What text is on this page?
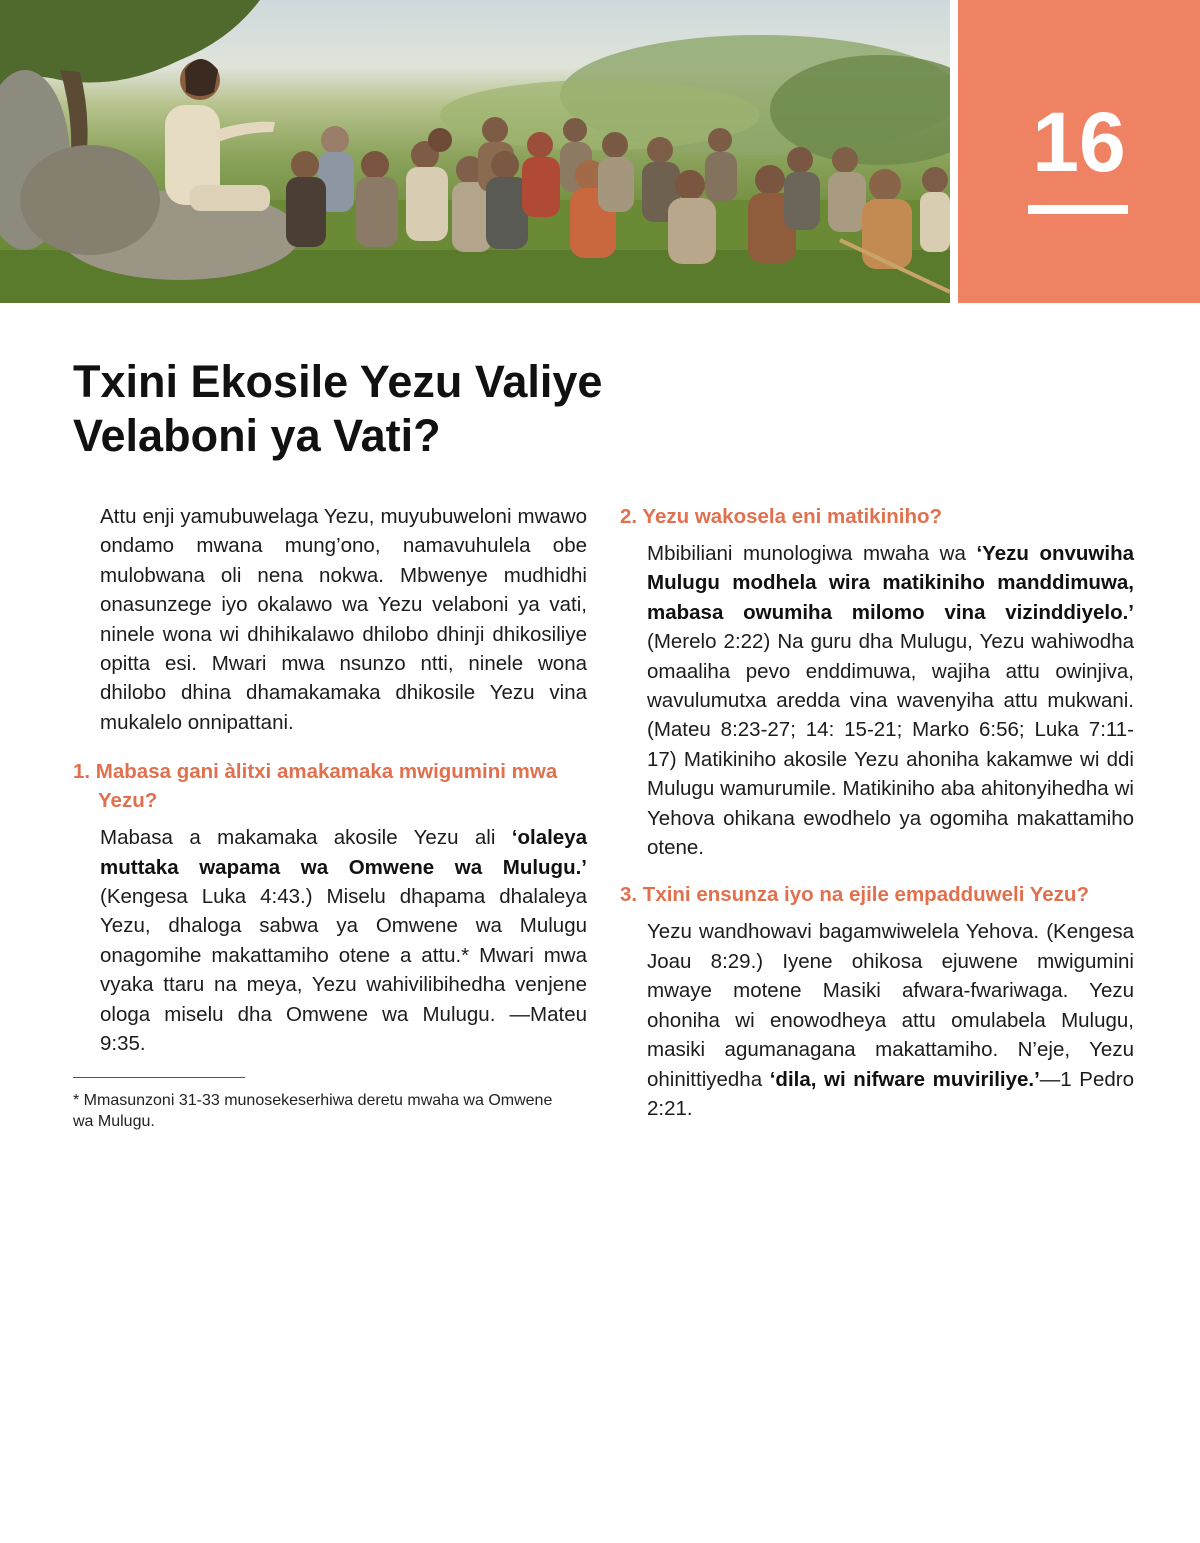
16
Txini Ekosile Yezu Valiye
Velaboni ya Vati?

Attu enji yamubuwelaga Yezu, muyubuweloni mwawo ondamo mwana mung’ono, namavuhulela obe mulobwana oli nena nokwa. Mbwenye mudhidhi onasunzege iyo okalawo wa Yezu velaboni ya vati, ninele wona wi dhihikalawo dhilobo dhinji dhikosiliye opitta esi. Mwari mwa nsunzo ntti, ninele wona dhilobo dhina dhamakamaka dhikosile Yezu vina mukalelo onnipattani.

1. Mabasa gani àlitxi amakamaka mwigumini mwa Yezu?

Mabasa a makamaka akosile Yezu ali ‘olaleya muttaka wapama wa Omwene wa Mulugu.’ (Kengesa Luka 4:43.) Miselu dhapama dhalaleya Yezu, dhaloga sabwa ya Omwene wa Mulugu onagomihe makattamiho otene a attu.* Mwari mwa vyaka ttaru na meya, Yezu wahivilibihedha venjene ologa miselu dha Omwene wa Mulugu. —Mateu 9:35.

* Mmasunzoni 31-33 munosekeserhiwa deretu mwaha wa Omwene wa Mulugu.

2. Yezu wakosela eni matikiniho?

Mbibiliani munologiwa mwaha wa ‘Yezu onvuwiha Mulugu modhela wira matikiniho manddimuwa, mabasa owumiha milomo vina vizinddiyelo.’ (Merelo 2:22) Na guru dha Mulugu, Yezu wahiwodha omaaliha pevo enddimuwa, wajiha attu owinjiva, wavulumutxa aredda vina wavenyiha attu mukwani. (Mateu 8:23-27; 14: 15-21; Marko 6:56; Luka 7:11-17) Matikiniho akosile Yezu ahoniha kakamwe wi ddi Mulugu wamurumile. Matikiniho aba ahitonyihedha wi Yehova ohikana ewodhelo ya ogomiha makattamiho otene.

3. Txini ensunza iyo na ejile empadduweli Yezu?

Yezu wandhowavi bagamwiwelela Yehova. (Kengesa Joau 8:29.) Iyene ohikosa ejuwene mwigumini mwaye motene Masiki afwara-fwariwaga. Yezu ohoniha wi enowodheya attu omulabela Mulugu, masiki agumanagana makattamiho. N’eje, Yezu ohinittiyedha ‘dila, wi nifware muviriliye.’—1 Pedro 2:21.
